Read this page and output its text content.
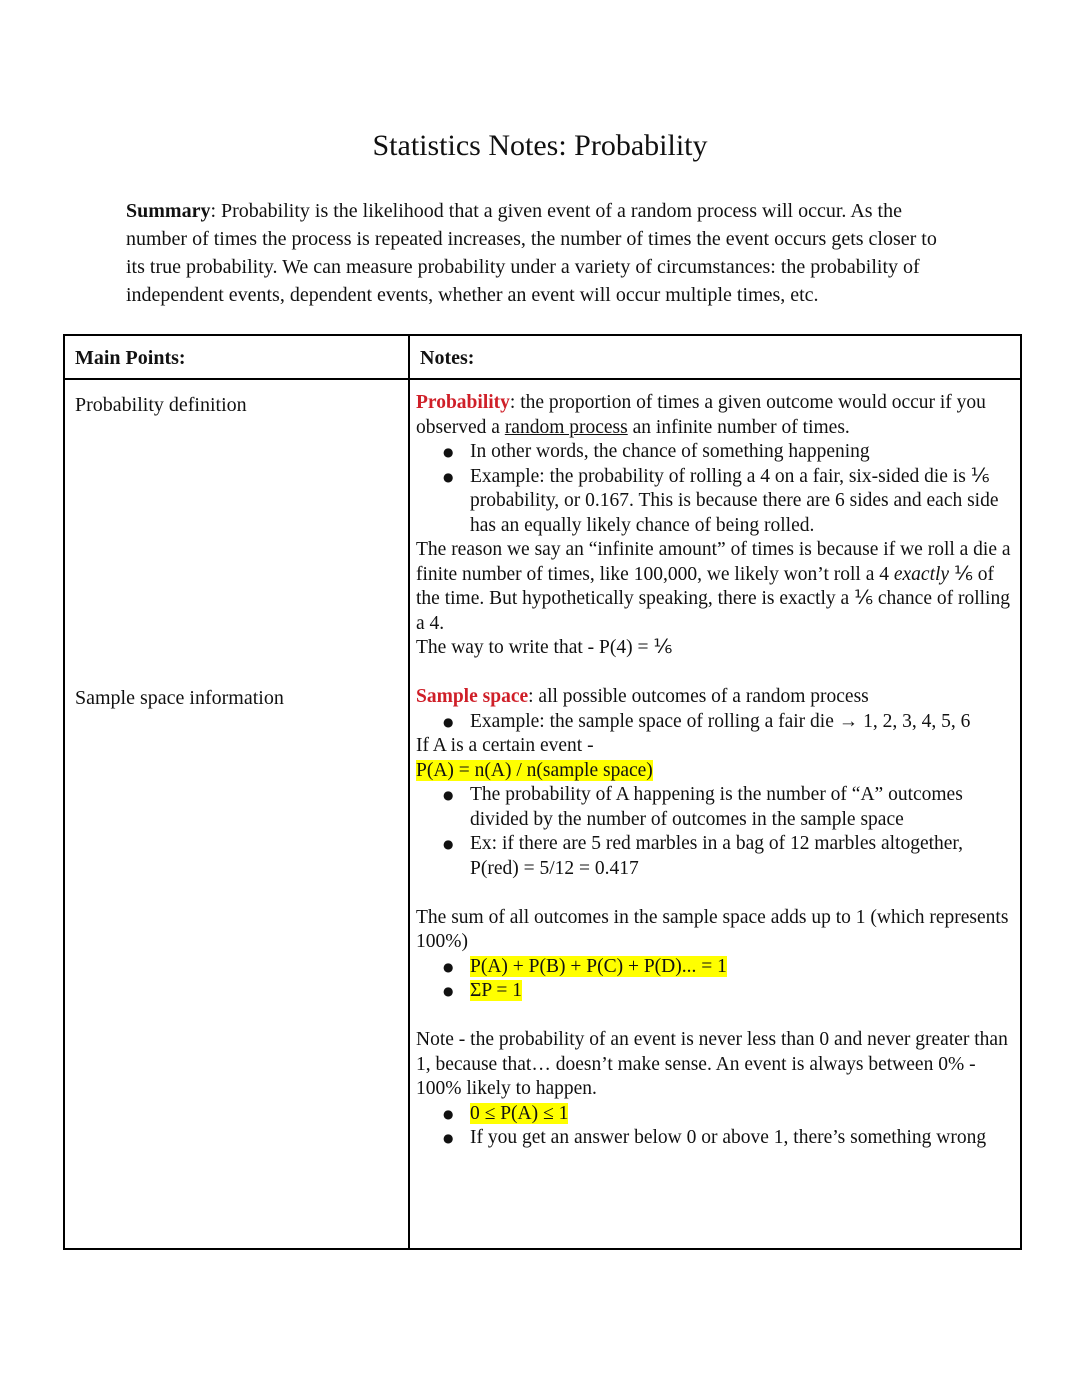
Statistics Notes: Probability

Summary: Probability is the likelihood that a given event of a random process will occur. As the number of times the process is repeated increases, the number of times the event occurs gets closer to its true probability. We can measure probability under a variety of circumstances: the probability of independent events, dependent events, whether an event will occur multiple times, etc.

Main Points:	Notes:
Probability definition
Sample space information
Probability: the proportion of times a given outcome would occur if you observed a random process an infinite number of times.
● In other words, the chance of something happening
● Example: the probability of rolling a 4 on a fair, six-sided die is ⅙ probability, or 0.167. This is because there are 6 sides and each side has an equally likely chance of being rolled.
The reason we say an “infinite amount” of times is because if we roll a die a finite number of times, like 100,000, we likely won’t roll a 4 exactly ⅙ of the time. But hypothetically speaking, there is exactly a ⅙ chance of rolling a 4.
The way to write that - P(4) = ⅙
Sample space: all possible outcomes of a random process
● Example: the sample space of rolling a fair die → 1, 2, 3, 4, 5, 6
If A is a certain event -
P(A) = n(A) / n(sample space)
● The probability of A happening is the number of “A” outcomes divided by the number of outcomes in the sample space
● Ex: if there are 5 red marbles in a bag of 12 marbles altogether, P(red) = 5/12 = 0.417
The sum of all outcomes in the sample space adds up to 1 (which represents 100%)
● P(A) + P(B) + P(C) + P(D)... = 1
● ΣP = 1
Note - the probability of an event is never less than 0 and never greater than 1, because that… doesn’t make sense. An event is always between 0% - 100% likely to happen.
● 0 ≤ P(A) ≤ 1
● If you get an answer below 0 or above 1, there’s something wrong
